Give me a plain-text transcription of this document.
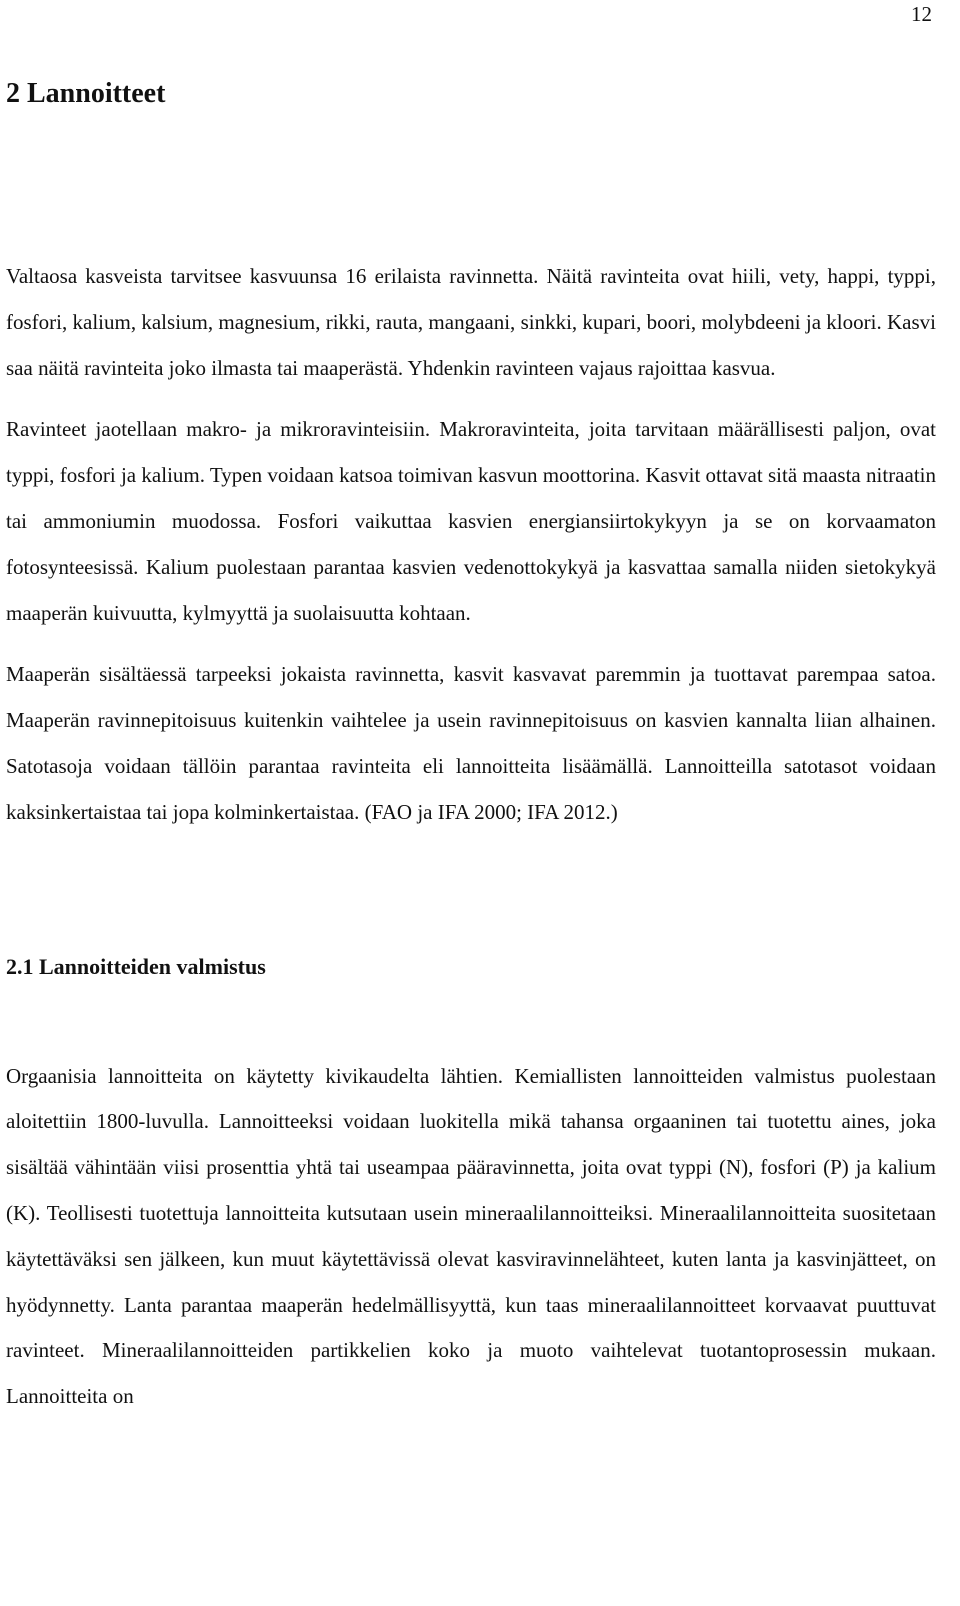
12
2 Lannoitteet

Valtaosa kasveista tarvitsee kasvuunsa 16 erilaista ravinnetta. Näitä ravinteita ovat hiili, vety, happi, typpi, fosfori, kalium, kalsium, magnesium, rikki, rauta, mangaani, sinkki, kupari, boori, molybdeeni ja kloori. Kasvi saa näitä ravinteita joko ilmasta tai maaperästä. Yhdenkin ravinteen vajaus rajoittaa kasvua.

Ravinteet jaotellaan makro- ja mikroravinteisiin. Makroravinteita, joita tarvitaan määrällisesti paljon, ovat typpi, fosfori ja kalium. Typen voidaan katsoa toimivan kasvun moottorina. Kasvit ottavat sitä maasta nitraatin tai ammoniumin muodossa. Fosfori vaikuttaa kasvien energiansiirtokykyyn ja se on korvaamaton fotosynteesissä. Kalium puolestaan parantaa kasvien vedenottokykyä ja kasvattaa samalla niiden sietokykyä maaperän kuivuutta, kylmyyttä ja suolaisuutta kohtaan.

Maaperän sisältäessä tarpeeksi jokaista ravinnetta, kasvit kasvavat paremmin ja tuottavat parempaa satoa. Maaperän ravinnepitoisuus kuitenkin vaihtelee ja usein ravinnepitoisuus on kasvien kannalta liian alhainen. Satotasoja voidaan tällöin parantaa ravinteita eli lannoitteita lisäämällä. Lannoitteilla satotasot voidaan kaksinkertaistaa tai jopa kolminkertaistaa. (FAO ja IFA 2000; IFA 2012.)

2.1 Lannoitteiden valmistus

Orgaanisia lannoitteita on käytetty kivikaudelta lähtien. Kemiallisten lannoitteiden valmistus puolestaan aloitettiin 1800-luvulla. Lannoitteeksi voidaan luokitella mikä tahansa orgaaninen tai tuotettu aines, joka sisältää vähintään viisi prosenttia yhtä tai useampaa pääravinnetta, joita ovat typpi (N), fosfori (P) ja kalium (K). Teollisesti tuotettuja lannoitteita kutsutaan usein mineraalilannoitteiksi. Mineraalilannoitteita suositetaan käytettäväksi sen jälkeen, kun muut käytettävissä olevat kasviravinnelähteet, kuten lanta ja kasvinjätteet, on hyödynnetty. Lanta parantaa maaperän hedelmällisyyttä, kun taas mineraalilannoitteet korvaavat puuttuvat ravinteet. Mineraalilannoitteiden partikkelien koko ja muoto vaihtelevat tuotantoprosessin mukaan. Lannoitteita on
